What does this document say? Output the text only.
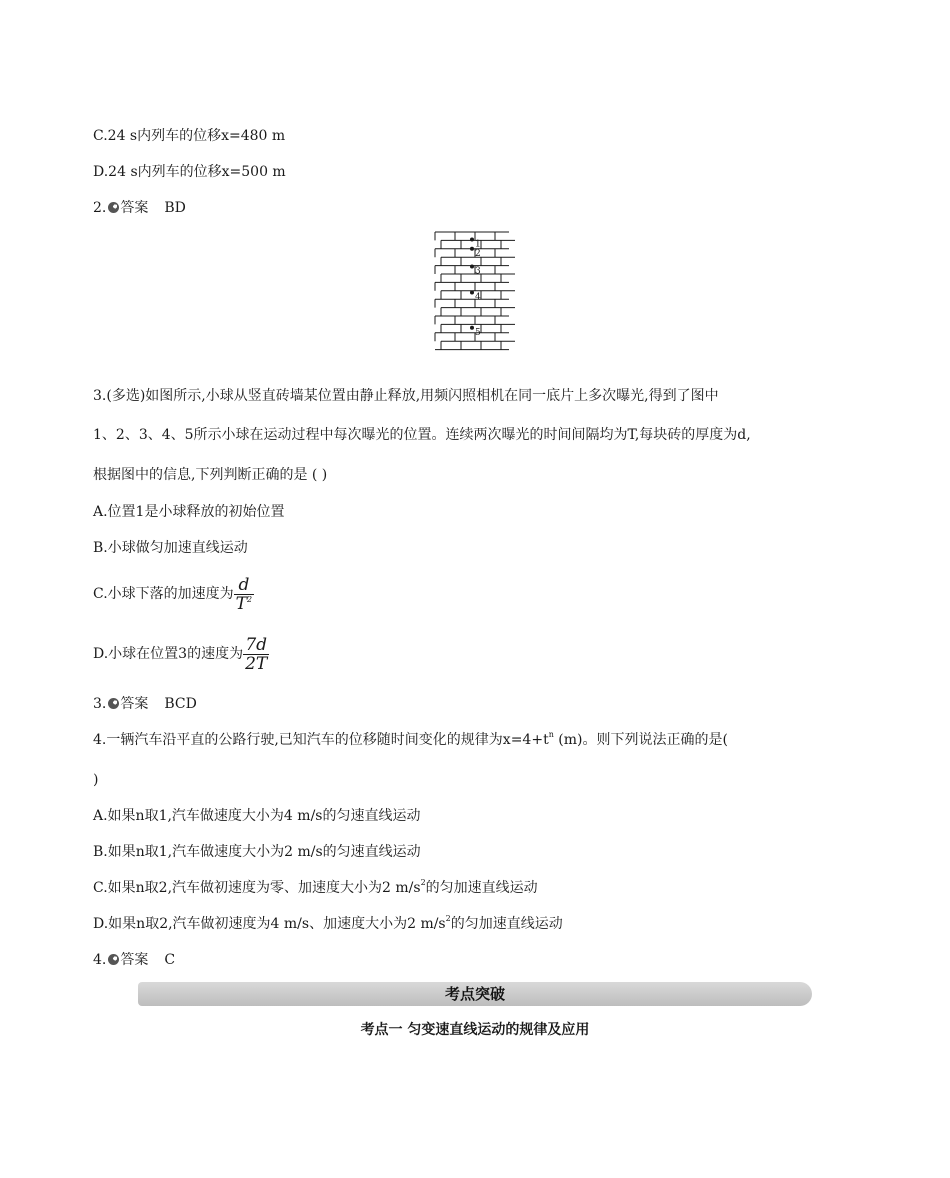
C.24 s内列车的位移x=480 m
D.24 s内列车的位移x=500 m
2. 答案 BD
1
2
3
4
5
3.(多选)如图所示,小球从竖直砖墙某位置由静止释放,用频闪照相机在同一底片上多次曝光,得到了图中
1、2、3、4、5所示小球在运动过程中每次曝光的位置。连续两次曝光的时间间隔均为T,每块砖的厚度为d,
根据图中的信息,下列判断正确的是 ( )
A.位置1是小球释放的初始位置
B.小球做匀加速直线运动
C.小球下落的加速度为 $\frac{d}{T^2}$
D.小球在位置3的速度为 $\frac{7d}{2T}$
3. 答案 BCD
4.一辆汽车沿平直的公路行驶,已知汽车的位移随时间变化的规律为$x=4+t^n$ (m)。则下列说法正确的是(
)
A.如果n取1,汽车做速度大小为4 m/s的匀速直线运动
B.如果n取1,汽车做速度大小为2 m/s的匀速直线运动
C.如果n取2,汽车做初速度为零、加速度大小为2 $m/s^2$的匀加速直线运动
D.如果n取2,汽车做初速度为4 m/s、加速度大小为2 $m/s^2$的匀加速直线运动
4. 答案 C
考点突破
考点一 匀变速直线运动的规律及应用
